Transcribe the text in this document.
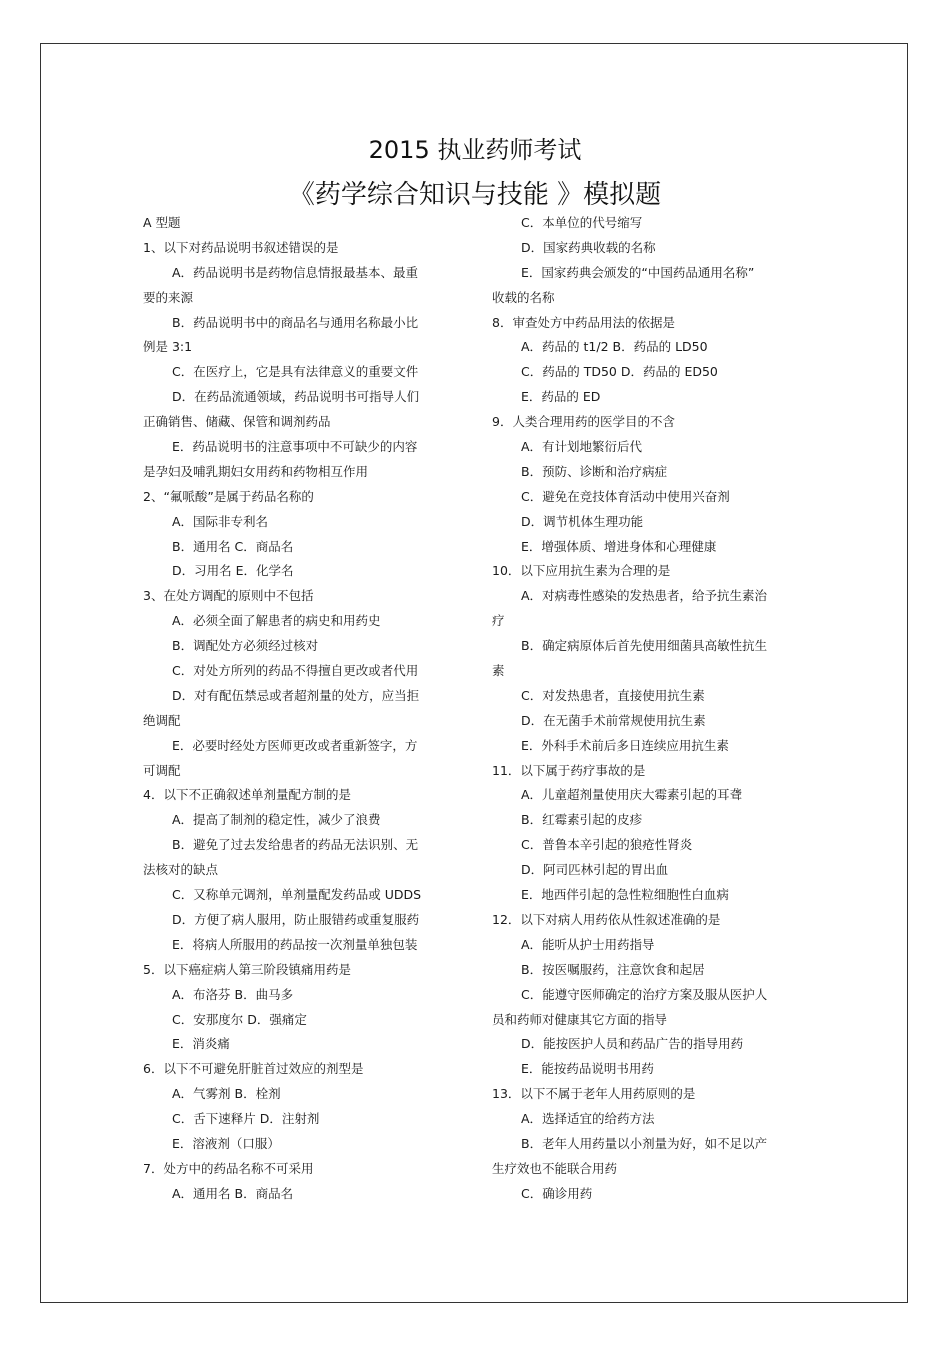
2015 执业药师考试
《药学综合知识与技能 》模拟题
A 型题
1、以下对药品说明书叙述错误的是
A．药品说明书是药物信息情报最基本、最重
要的来源
B．药品说明书中的商品名与通用名称最小比
例是 3:1
C．在医疗上，它是具有法律意义的重要文件
D．在药品流通领域，药品说明书可指导人们
正确销售、储藏、保管和调剂药品
E．药品说明书的注意事项中不可缺少的内容
是孕妇及哺乳期妇女用药和药物相互作用
2、“氟哌酸”是属于药品名称的
A．国际非专利名
B．通用名 C．商品名
D．习用名 E．化学名
3、在处方调配的原则中不包括
A．必须全面了解患者的病史和用药史
B．调配处方必须经过核对
C．对处方所列的药品不得擅自更改或者代用
D．对有配伍禁忌或者超剂量的处方，应当拒
绝调配
E．必要时经处方医师更改或者重新签字，方
可调配
4．以下不正确叙述单剂量配方制的是
A．提高了制剂的稳定性，减少了浪费
B．避免了过去发给患者的药品无法识别、无
法核对的缺点
C．又称单元调剂，单剂量配发药品或 UDDS
D．方便了病人服用，防止服错药或重复服药
E．将病人所服用的药品按一次剂量单独包装
5．以下癌症病人第三阶段镇痛用药是
A．布洛芬 B．曲马多
C．安那度尔 D．强痛定
E．消炎痛
6．以下不可避免肝脏首过效应的剂型是
A．气雾剂 B．栓剂
C．舌下速释片 D．注射剂
E．溶液剂（口服）
7．处方中的药品名称不可采用
A．通用名 B．商品名
C．本单位的代号缩写
D．国家药典收载的名称
E．国家药典会颁发的“中国药品通用名称”
收载的名称
8．审查处方中药品用法的依据是
A．药品的 t1/2 B．药品的 LD50
C．药品的 TD50 D．药品的 ED50
E．药品的 ED
9．人类合理用药的医学目的不含
A．有计划地繁衍后代
B．预防、诊断和治疗病症
C．避免在竞技体育活动中使用兴奋剂
D．调节机体生理功能
E．增强体质、增进身体和心理健康
10．以下应用抗生素为合理的是
A．对病毒性感染的发热患者，给予抗生素治
疗
B．确定病原体后首先使用细菌具高敏性抗生
素
C．对发热患者，直接使用抗生素
D．在无菌手术前常规使用抗生素
E．外科手术前后多日连续应用抗生素
11．以下属于药疗事故的是
A．儿童超剂量使用庆大霉素引起的耳聋
B．红霉素引起的皮疹
C．普鲁本辛引起的狼疮性肾炎
D．阿司匹林引起的胃出血
E．地西伴引起的急性粒细胞性白血病
12．以下对病人用药依从性叙述准确的是
A．能听从护士用药指导
B．按医嘱服药，注意饮食和起居
C．能遵守医师确定的治疗方案及服从医护人
员和药师对健康其它方面的指导
D．能按医护人员和药品广告的指导用药
E．能按药品说明书用药
13．以下不属于老年人用药原则的是
A．选择适宜的给药方法
B．老年人用药量以小剂量为好，如不足以产
生疗效也不能联合用药
C．确诊用药
